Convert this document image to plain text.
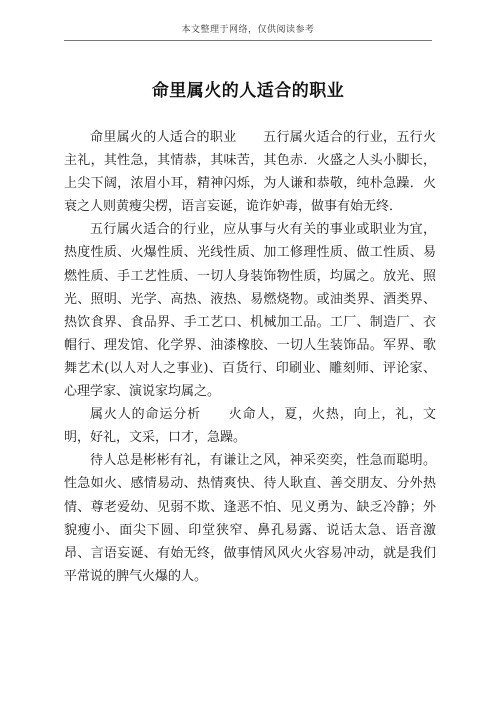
本文整理于网络，仅供阅读参考
命里属火的人适合的职业

命里属火的人适合的职业　　五行属火适合的行业，五行火主礼，其性急，其情恭，其味苦，其色赤．火盛之人头小脚长，上尖下阔，浓眉小耳，精神闪烁，为人谦和恭敬，纯朴急躁．火衰之人则黄瘦尖楞，语言妄诞，诡诈妒毒，做事有始无终．

五行属火适合的行业，应从事与火有关的事业或职业为宜，热度性质、火爆性质、光线性质、加工修理性质、做工性质、易燃性质、手工艺性质、一切人身装饰物性质，均属之。放光、照光、照明、光学、高热、液热、易燃烧物。或油类界、酒类界、热饮食界、食品界、手工艺口、机械加工品。工厂、制造厂、衣帽行、理发馆、化学界、油漆橡胶、一切人生装饰品。军界、歌舞艺术(以人对人之事业)、百货行、印刷业、雕刻师、评论家、心理学家、演说家均属之。

属火人的命运分析　　火命人，夏，火热，向上，礼，文明，好礼，文采，口才，急躁。

待人总是彬彬有礼，有谦让之风，神采奕奕，性急而聪明。性急如火、感情易动、热情爽快、待人耿直、善交朋友、分外热情、尊老爱幼、见弱不欺、逢恶不怕、见义勇为、缺乏冷静；外貌瘦小、面尖下圆、印堂狭窄、鼻孔易露、说话太急、语音激昂、言语妄诞、有始无终，做事情风风火火容易冲动，就是我们平常说的脾气火爆的人。
